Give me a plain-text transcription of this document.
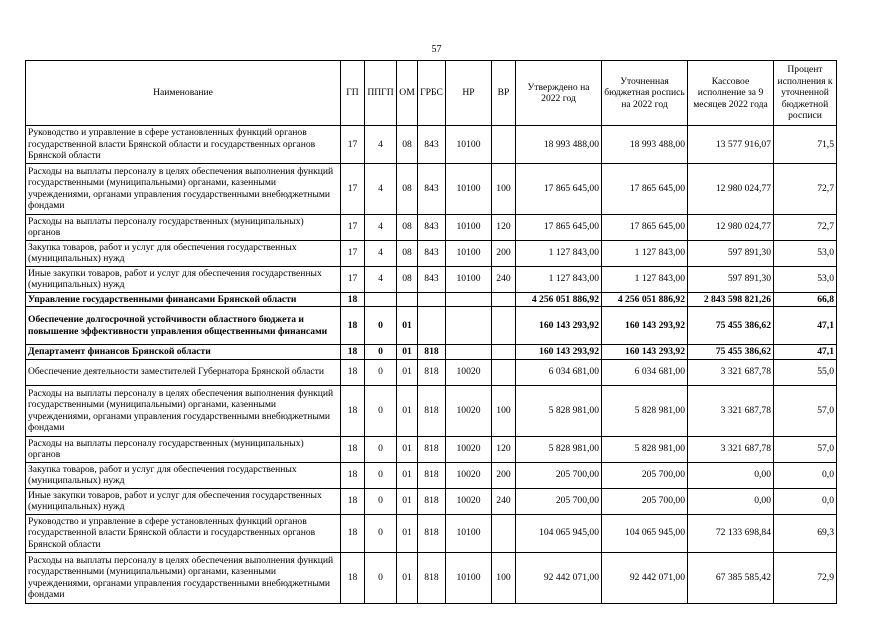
57
Наименование	ГП	ППГП	ОМ	ГРБС	НР	ВР	Утверждено на 2022 год	Уточненная бюджетная роспись на 2022 год	Кассовое исполнение за 9 месяцев 2022 года	Процент исполнения к уточненной бюджетной росписи
Руководство и управление в сфере установленных функций органов государственной власти Брянской области и государственных органов Брянской области	17	4	08	843	10100		18 993 488,00	18 993 488,00	13 577 916,07	71,5
Расходы на выплаты персоналу в целях обеспечения выполнения функций государственными (муниципальными) органами, казенными учреждениями, органами управления государственными внебюджетными фондами	17	4	08	843	10100	100	17 865 645,00	17 865 645,00	12 980 024,77	72,7
Расходы на выплаты персоналу государственных (муниципальных) органов	17	4	08	843	10100	120	17 865 645,00	17 865 645,00	12 980 024,77	72,7
Закупка товаров, работ и услуг для обеспечения государственных (муниципальных) нужд	17	4	08	843	10100	200	1 127 843,00	1 127 843,00	597 891,30	53,0
Иные закупки товаров, работ и услуг для обеспечения государственных (муниципальных) нужд	17	4	08	843	10100	240	1 127 843,00	1 127 843,00	597 891,30	53,0
Управление государственными финансами Брянской области	18						4 256 051 886,92	4 256 051 886,92	2 843 598 821,26	66,8
Обеспечение долгосрочной устойчивости областного бюджета и повышение эффективности управления общественными финансами	18	0	01				160 143 293,92	160 143 293,92	75 455 386,62	47,1
Департамент финансов Брянской области	18	0	01	818			160 143 293,92	160 143 293,92	75 455 386,62	47,1
Обеспечение деятельности заместителей Губернатора Брянской области	18	0	01	818	10020		6 034 681,00	6 034 681,00	3 321 687,78	55,0
Расходы на выплаты персоналу в целях обеспечения выполнения функций государственными (муниципальными) органами, казенными учреждениями, органами управления государственными внебюджетными фондами	18	0	01	818	10020	100	5 828 981,00	5 828 981,00	3 321 687,78	57,0
Расходы на выплаты персоналу государственных (муниципальных) органов	18	0	01	818	10020	120	5 828 981,00	5 828 981,00	3 321 687,78	57,0
Закупка товаров, работ и услуг для обеспечения государственных (муниципальных) нужд	18	0	01	818	10020	200	205 700,00	205 700,00	0,00	0,0
Иные закупки товаров, работ и услуг для обеспечения государственных (муниципальных) нужд	18	0	01	818	10020	240	205 700,00	205 700,00	0,00	0,0
Руководство и управление в сфере установленных функций органов государственной власти Брянской области и государственных органов Брянской области	18	0	01	818	10100		104 065 945,00	104 065 945,00	72 133 698,84	69,3
Расходы на выплаты персоналу в целях обеспечения выполнения функций государственными (муниципальными) органами, казенными учреждениями, органами управления государственными внебюджетными фондами	18	0	01	818	10100	100	92 442 071,00	92 442 071,00	67 385 585,42	72,9
